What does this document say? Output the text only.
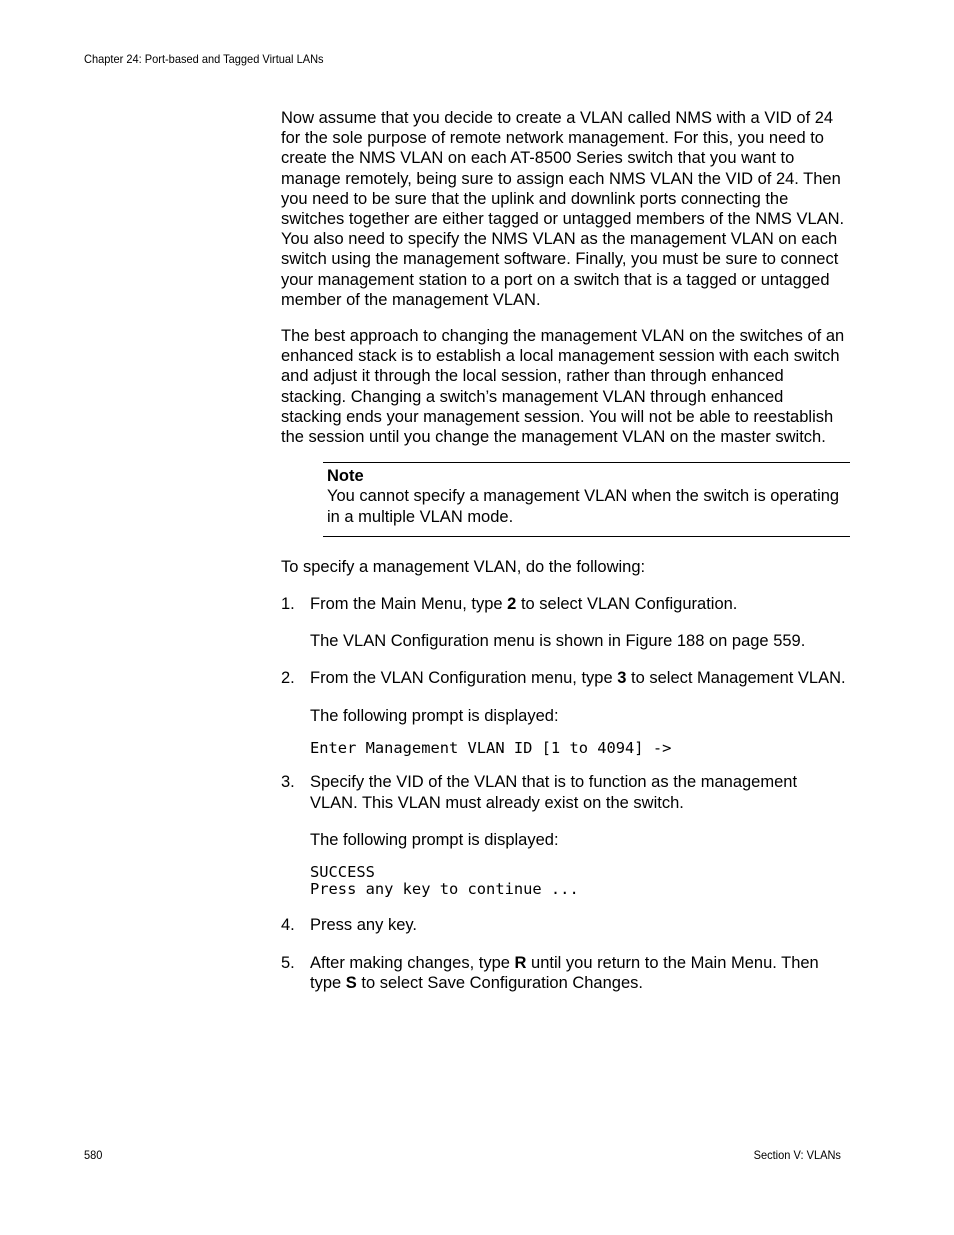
Chapter 24: Port-based and Tagged Virtual LANs

Now assume that you decide to create a VLAN called NMS with a VID of 24 for the sole purpose of remote network management. For this, you need to create the NMS VLAN on each AT-8500 Series switch that you want to manage remotely, being sure to assign each NMS VLAN the VID of 24. Then you need to be sure that the uplink and downlink ports connecting the switches together are either tagged or untagged members of the NMS VLAN. You also need to specify the NMS VLAN as the management VLAN on each switch using the management software. Finally, you must be sure to connect your management station to a port on a switch that is a tagged or untagged member of the management VLAN.

The best approach to changing the management VLAN on the switches of an enhanced stack is to establish a local management session with each switch and adjust it through the local session, rather than through enhanced stacking. Changing a switch’s management VLAN through enhanced stacking ends your management session. You will not be able to reestablish the session until you change the management VLAN on the master switch.

Note

You cannot specify a management VLAN when the switch is operating in a multiple VLAN mode.

To specify a management VLAN, do the following:

1. From the Main Menu, type 2 to select VLAN Configuration.

The VLAN Configuration menu is shown in Figure 188 on page 559.

2. From the VLAN Configuration menu, type 3 to select Management VLAN.

The following prompt is displayed:

Enter Management VLAN ID [1 to 4094] ->
3. Specify the VID of the VLAN that is to function as the management VLAN. This VLAN must already exist on the switch.

The following prompt is displayed:

SUCCESS
Press any key to continue ...
4. Press any key.

5. After making changes, type R until you return to the Main Menu. Then type S to select Save Configuration Changes.

580	Section V: VLANs
